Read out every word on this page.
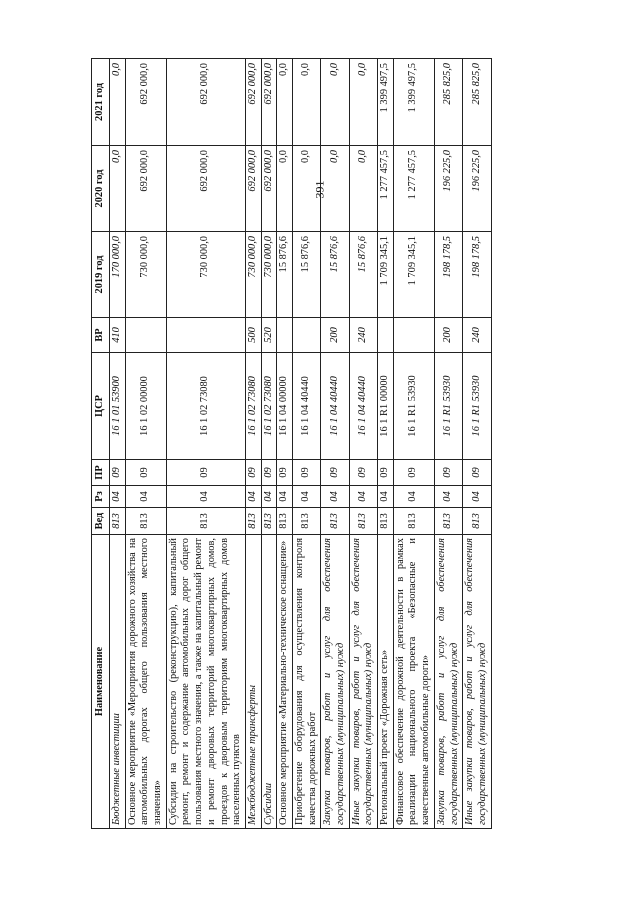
391
Наименование	Вед	Рз	ПР	ЦСР	ВР	2019 год	2020 год	2021 год
Бюджетные инвестиции	813	04	09	16 1 01 53900	410	170 000,0	0,0	0,0
Основное мероприятие «Мероприятия дорожного хозяйства на автомобильных дорогах общего пользования местного значения»	813	04	09	16 1 02 00000		730 000,0	692 000,0	692 000,0
Субсидии на строительство (реконструкцию), капитальный ремонт, ремонт и содержание автомобильных дорог общего пользования местного значения, а также на капитальный ремонт и ремонт дворовых территорий многоквартирных домов, проездов к дворовым территориям многоквартирных домов населенных пунктов	813	04	09	16 1 02 73080		730 000,0	692 000,0	692 000,0
Межбюджетные трансферты	813	04	09	16 1 02 73080	500	730 000,0	692 000,0	692 000,0
Субсидии	813	04	09	16 1 02 73080	520	730 000,0	692 000,0	692 000,0
Основное мероприятие «Материально-техническое оснащение»	813	04	09	16 1 04 00000		15 876,6	0,0	0,0
Приобретение оборудования для осуществления контроля качества дорожных работ	813	04	09	16 1 04 40440		15 876,6	0,0	0,0
Закупка товаров, работ и услуг для обеспечения государственных (муниципальных) нужд	813	04	09	16 1 04 40440	200	15 876,6	0,0	0,0
Иные закупки товаров, работ и услуг для обеспечения государственных (муниципальных) нужд	813	04	09	16 1 04 40440	240	15 876,6	0,0	0,0
Региональный проект «Дорожная сеть»	813	04	09	16 1 R1 00000		1 709 345,1	1 277 457,5	1 399 497,5
Финансовое обеспечение дорожной деятельности в рамках реализации национального проекта «Безопасные и качественные автомобильные дороги»	813	04	09	16 1 R1 53930		1 709 345,1	1 277 457,5	1 399 497,5
Закупка товаров, работ и услуг для обеспечения государственных (муниципальных) нужд	813	04	09	16 1 R1 53930	200	198 178,5	196 225,0	285 825,0
Иные закупки товаров, работ и услуг для обеспечения государственных (муниципальных) нужд	813	04	09	16 1 R1 53930	240	198 178,5	196 225,0	285 825,0
